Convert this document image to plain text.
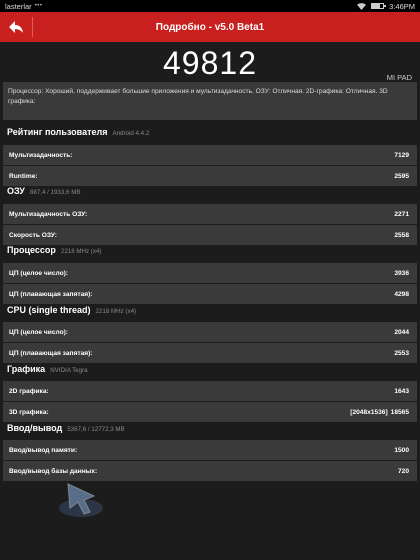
lasterlar •••	3:46PM
Подробно - v5.0 Beta1
49812	MI PAD
Процессор: Хороший, поддерживает большие приложения и мультизадачность. ОЗУ: Отличная. 2D-графика: Отличная. 3D графика:
Рейтинг пользователя Android 4.4.2
Мультизадачность:	7129
Runtime:	2595
ОЗУ 887,4 / 1933,6 MB
Мультизадачность ОЗУ:	2271
Скорость ОЗУ:	2558
Процессор 2218 MHz (x4)
ЦП (целое число):	3936
ЦП (плавающая запятая):	4298
CPU (single thread) 2218 MHz (x4)
ЦП (целое число):	2044
ЦП (плавающая запятая):	2553
Графика NVIDIA Tegra
2D графика:	1643
3D графика:	[2048x1536] 18565
Ввод/вывод 5367,6 / 12772,3 MB
Ввод/вывод памяти:	1500
Ввод/вывод базы данных:	720
